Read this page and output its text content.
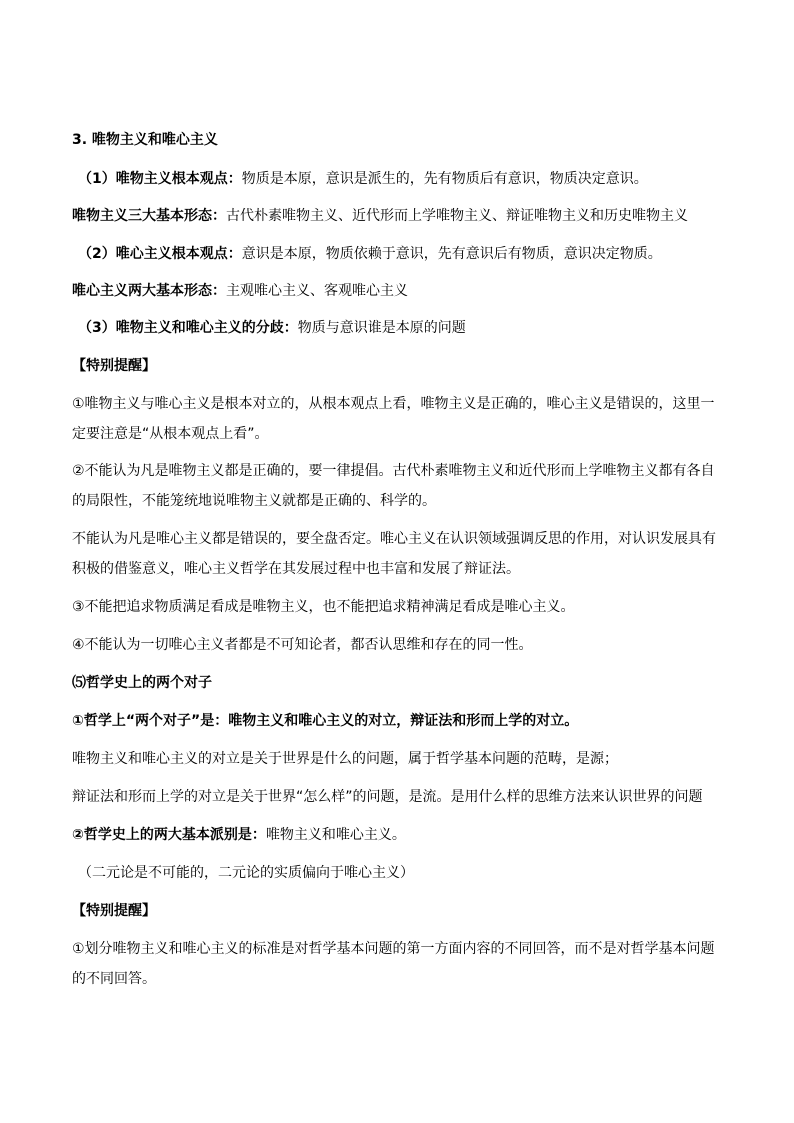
3. 唯物主义和唯心主义
（1）唯物主义根本观点：物质是本原，意识是派生的，先有物质后有意识，物质决定意识。
唯物主义三大基本形态：古代朴素唯物主义、近代形而上学唯物主义、辩证唯物主义和历史唯物主义
（2）唯心主义根本观点：意识是本原，物质依赖于意识，先有意识后有物质，意识决定物质。
唯心主义两大基本形态：主观唯心主义、客观唯心主义
（3）唯物主义和唯心主义的分歧：物质与意识谁是本原的问题
【特别提醒】
①唯物主义与唯心主义是根本对立的，从根本观点上看，唯物主义是正确的，唯心主义是错误的，这里一定要注意是“从根本观点上看”。
②不能认为凡是唯物主义都是正确的，要一律提倡。古代朴素唯物主义和近代形而上学唯物主义都有各自的局限性，不能笼统地说唯物主义就都是正确的、科学的。
不能认为凡是唯心主义都是错误的，要全盘否定。唯心主义在认识领域强调反思的作用，对认识发展具有积极的借鉴意义，唯心主义哲学在其发展过程中也丰富和发展了辩证法。
③不能把追求物质满足看成是唯物主义，也不能把追求精神满足看成是唯心主义。
④不能认为一切唯心主义者都是不可知论者，都否认思维和存在的同一性。
⑸哲学史上的两个对子
①哲学上“两个对子”是：唯物主义和唯心主义的对立，辩证法和形而上学的对立。
唯物主义和唯心主义的对立是关于世界是什么的问题，属于哲学基本问题的范畴，是源；
辩证法和形而上学的对立是关于世界“怎么样”的问题，是流。是用什么样的思维方法来认识世界的问题
②哲学史上的两大基本派别是：唯物主义和唯心主义。
（二元论是不可能的，二元论的实质偏向于唯心主义）
【特别提醒】
①划分唯物主义和唯心主义的标准是对哲学基本问题的第一方面内容的不同回答，而不是对哲学基本问题的不同回答。
